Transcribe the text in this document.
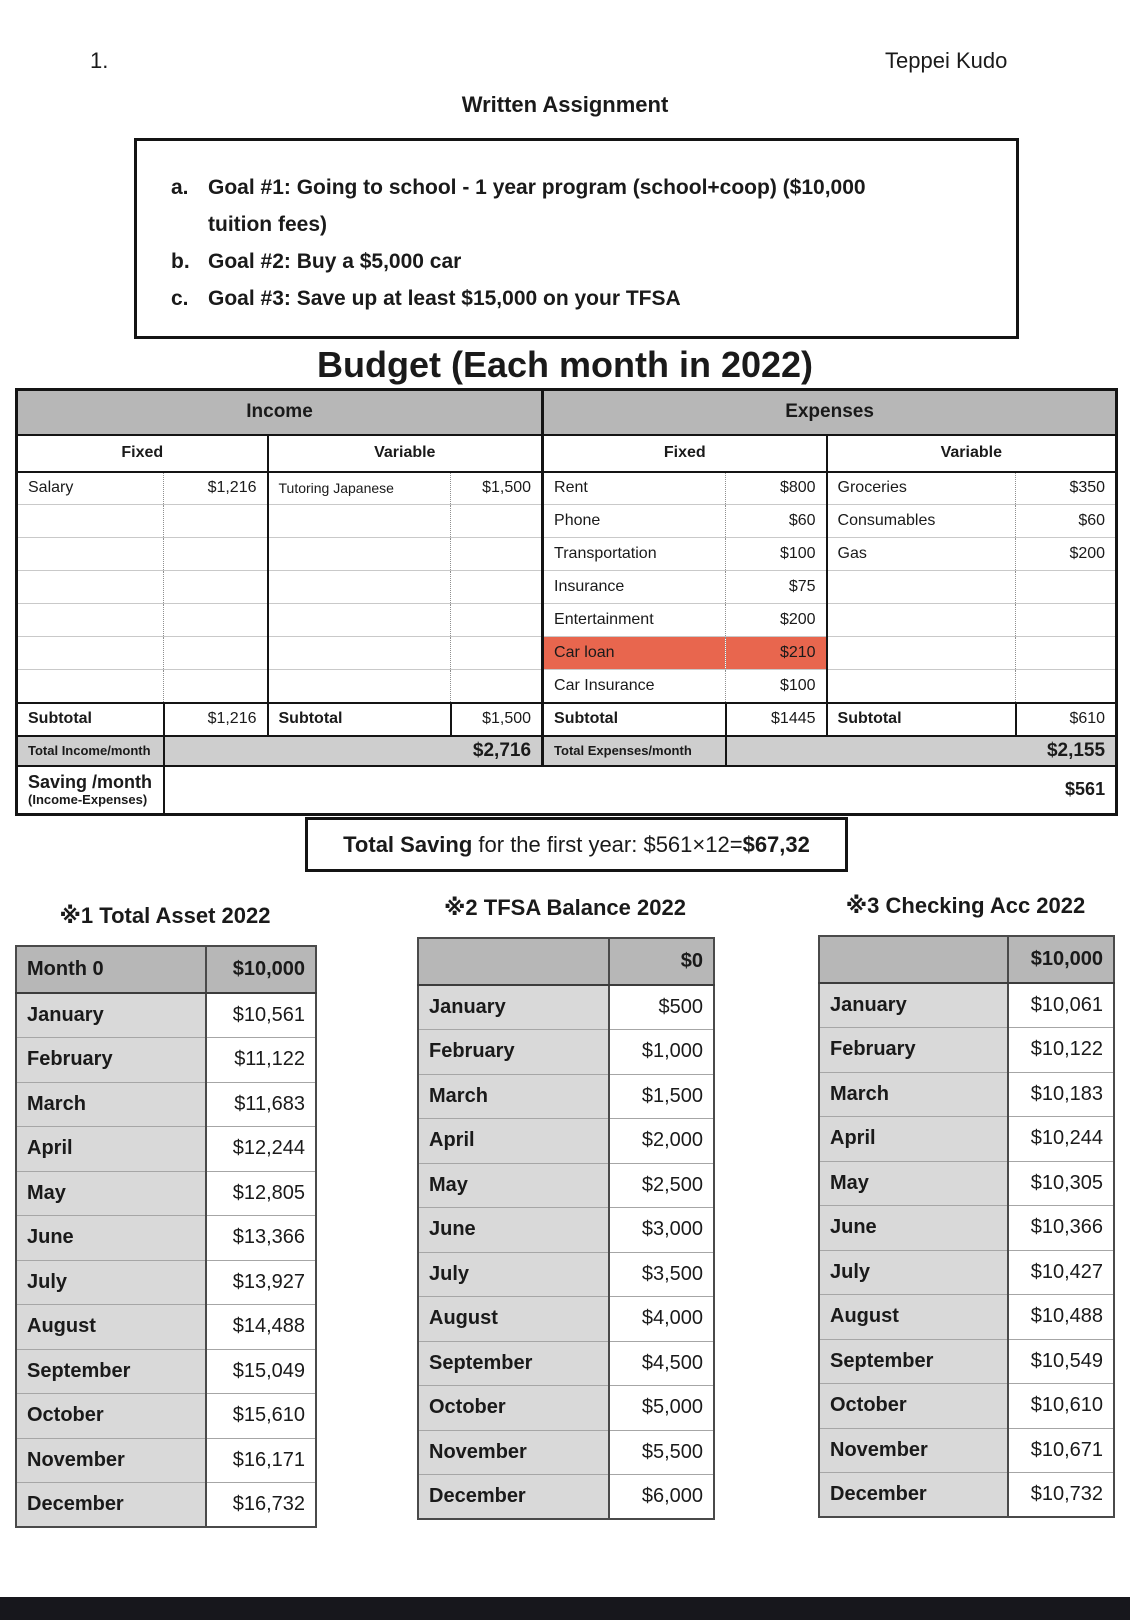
1.	Teppei Kudo
Written Assignment
a. Goal #1: Going to school - 1 year program (school+coop) ($10,000
tuition fees)
b. Goal #2: Buy a $5,000 car
c. Goal #3: Save up at least $15,000 on your TFSA
Budget (Each month in 2022)
Income				Expenses			
Fixed		Variable		Fixed		Variable	
Salary	$1,216	Tutoring Japanese	$1,500	Rent	$800	Groceries	$350
				Phone	$60	Consumables	$60
				Transportation	$100	Gas	$200
				Insurance	$75		
				Entertainment	$200		
				Car loan	$210		
				Car Insurance	$100		
Subtotal	$1,216	Subtotal	$1,500	Subtotal	$1445	Subtotal	$610
Total Income/month	$2,716			Total Expenses/month	$2,155		

Saving /month
(Income-Expenses)	$561						
Total Saving for the first year: $561×12= $67,32
※1 Total Asset 2022
Month 0	$10,000
January	$10,561
February	$11,122
March	$11,683
April	$12,244
May	$12,805
June	$13,366
July	$13,927
August	$14,488
September	$15,049
October	$15,610
November	$16,171
December	$16,732
※2 TFSA Balance 2022
	$0
January	$500
February	$1,000
March	$1,500
April	$2,000
May	$2,500
June	$3,000
July	$3,500
August	$4,000
September	$4,500
October	$5,000
November	$5,500
December	$6,000
※3 Checking Acc 2022
	$10,000
January	$10,061
February	$10,122
March	$10,183
April	$10,244
May	$10,305
June	$10,366
July	$10,427
August	$10,488
September	$10,549
October	$10,610
November	$10,671
December	$10,732
